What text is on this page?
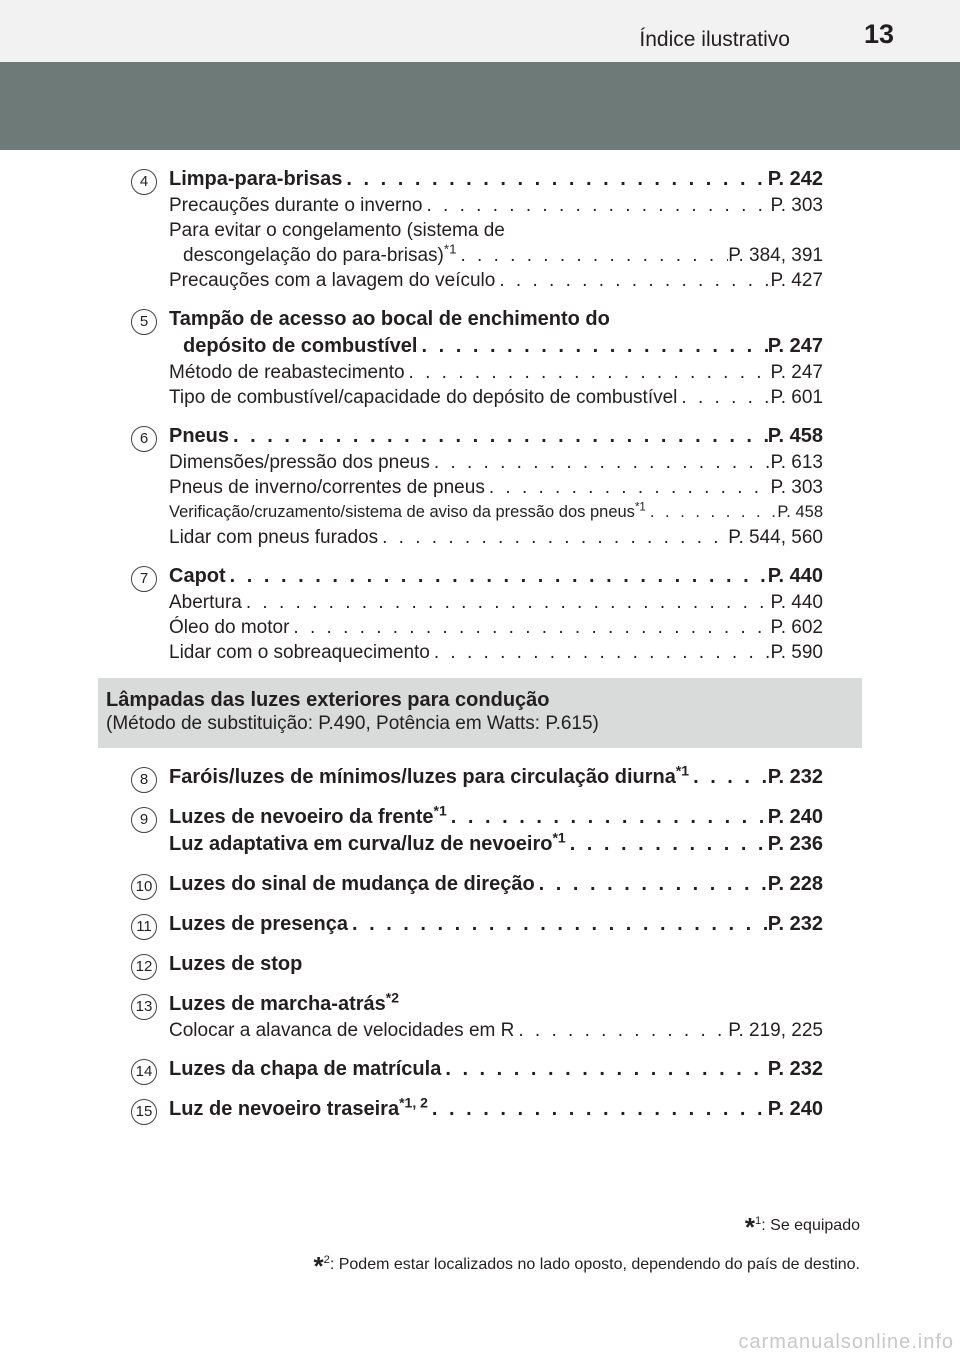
Índice ilustrativo	13
4	Limpa-para-brisas . . .	P. 242
Precauções durante o inverno . . .	P. 303
Para evitar o congelamento (sistema de
descongelação do para-brisas)$^{*1}$ . . .	P. 384, 391
Precauções com a lavagem do veículo . . .	P. 427
5	Tampão de acesso ao bocal de enchimento do
depósito de combustível . . .	P. 247
Método de reabastecimento . . .	P. 247
Tipo de combustível/capacidade do depósito de combustível . . .	P. 601
6	Pneus . . .	P. 458
Dimensões/pressão dos pneus . . .	P. 613
Pneus de inverno/correntes de pneus . . .	P. 303
Verificação/cruzamento/sistema de aviso da pressão dos pneus$^{*1}$ . . .	P. 458
Lidar com pneus furados . . .	P. 544, 560
7	Capot . . .	P. 440
Abertura . . .	P. 440
Óleo do motor . . .	P. 602
Lidar com o sobreaquecimento . . .	P. 590
Lâmpadas das luzes exteriores para condução
(Método de substituição: P.490, Potência em Watts: P.615)
8	Faróis/luzes de mínimos/luzes para circulação diurna$^{*1}$ . . .	P. 232
9	Luzes de nevoeiro da frente$^{*1}$ . . .	P. 240
Luz adaptativa em curva/luz de nevoeiro$^{*1}$ . . .	P. 236
10 Luzes do sinal de mudança de direção . . .	P. 228
11 Luzes de presença . . .	P. 232
12 Luzes de stop
13 Luzes de marcha-atrás$^{*2}$
Colocar a alavanca de velocidades em R . . .	P. 219, 225
14 Luzes da chapa de matrícula . . .	P. 232
15 Luz de nevoeiro traseira$^{*1, 2}$ . . .	P. 240
*$^1$: Se equipado
*$^2$: Podem estar localizados no lado oposto, dependendo do país de destino.
carmanualsonline.info
